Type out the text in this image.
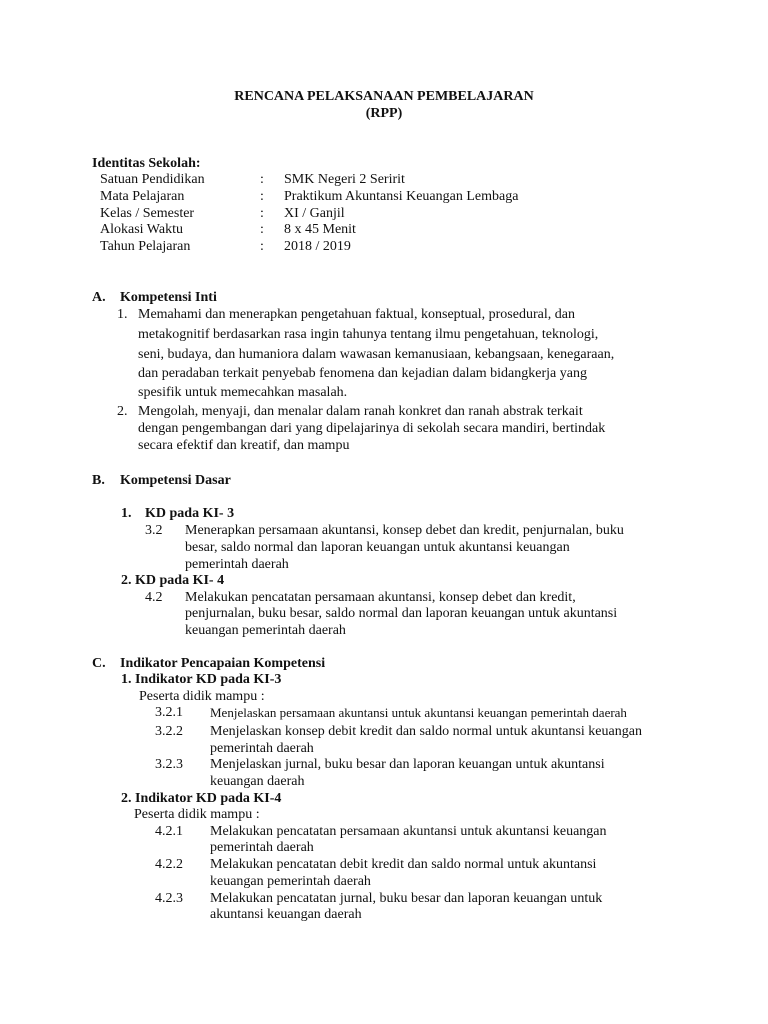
RENCANA PELAKSANAAN PEMBELAJARAN
(RPP)
Identitas Sekolah:
Satuan Pendidikan	: SMK Negeri 2 Seririt
Mata Pelajaran	: Praktikum Akuntansi Keuangan Lembaga
Kelas / Semester	: XI / Ganjil
Alokasi Waktu	: 8 x 45 Menit
Tahun Pelajaran	: 2018 / 2019
A. Kompetensi Inti
1. Memahami dan menerapkan pengetahuan faktual, konseptual, prosedural, dan
metakognitif berdasarkan rasa ingin tahunya tentang ilmu pengetahuan, teknologi,
seni, budaya, dan humaniora dalam wawasan kemanusiaan, kebangsaan, kenegaraan,
dan peradaban terkait penyebab fenomena dan kejadian dalam bidangkerja yang
spesifik untuk memecahkan masalah.
2. Mengolah, menyaji, dan menalar dalam ranah konkret dan ranah abstrak terkait
dengan pengembangan dari yang dipelajarinya di sekolah secara mandiri, bertindak
secara efektif dan kreatif, dan mampu
B. Kompetensi Dasar
1. KD pada KI- 3
3.2 Menerapkan persamaan akuntansi, konsep debet dan kredit, penjurnalan, buku
besar, saldo normal dan laporan keuangan untuk akuntansi keuangan
pemerintah daerah
2. KD pada KI- 4
4.2 Melakukan pencatatan persamaan akuntansi, konsep debet dan kredit,
penjurnalan, buku besar, saldo normal dan laporan keuangan untuk akuntansi
keuangan pemerintah daerah
C. Indikator Pencapaian Kompetensi
1. Indikator KD pada KI-3
Peserta didik mampu :
3.2.1 Menjelaskan persamaan akuntansi untuk akuntansi keuangan pemerintah daerah
3.2.2 Menjelaskan konsep debit kredit dan saldo normal untuk akuntansi keuangan
pemerintah daerah
3.2.3 Menjelaskan jurnal, buku besar dan laporan keuangan untuk akuntansi
keuangan daerah
2. Indikator KD pada KI-4
Peserta didik mampu :
4.2.1 Melakukan pencatatan persamaan akuntansi untuk akuntansi keuangan
pemerintah daerah
4.2.2 Melakukan pencatatan debit kredit dan saldo normal untuk akuntansi
keuangan pemerintah daerah
4.2.3 Melakukan pencatatan jurnal, buku besar dan laporan keuangan untuk
akuntansi keuangan daerah
